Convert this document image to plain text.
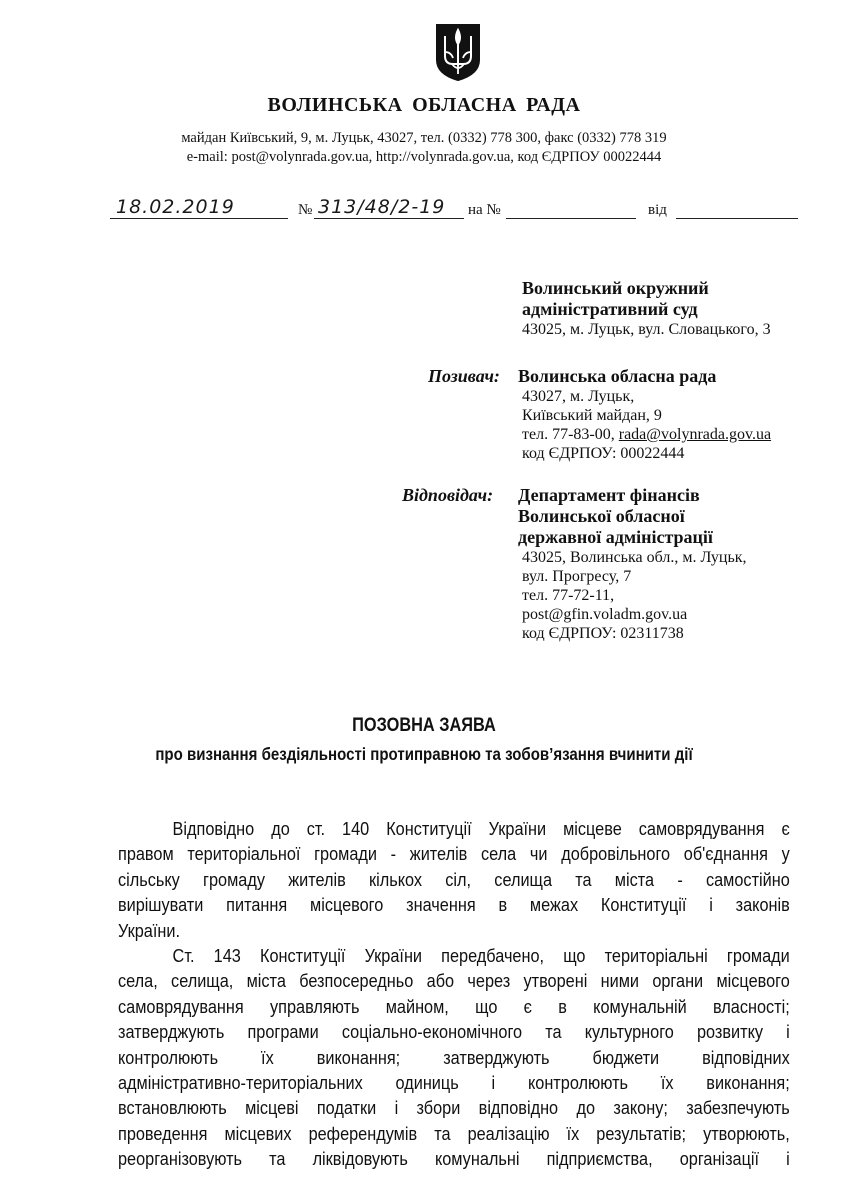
ВОЛИНСЬКА ОБЛАСНА РАДА
майдан Київський, 9, м. Луцьк, 43027, тел. (0332) 778 300, факс (0332) 778 319
e-mail: post@volynrada.gov.ua, http://volynrada.gov.ua, код ЄДРПОУ 00022444
18.02.2019	№ 313/48/2-19 на №	від
Волинський окружний
адміністративний суд
43025, м. Луцьк, вул. Словацького, 3
Позивач: Волинська обласна рада
43027, м. Луцьк,
Київський майдан, 9
тел. 77-83-00, rada@volynrada.gov.ua
код ЄДРПОУ: 00022444
Відповідач: Департамент фінансів
Волинської обласної
державної адміністрації
43025, Волинська обл., м. Луцьк,
вул. Прогресу, 7
тел. 77-72-11,
post@gfin.voladm.gov.ua
код ЄДРПОУ: 02311738
ПОЗОВНА ЗАЯВА
про визнання бездіяльності протиправною та зобов’язання вчинити дії

Відповідно до ст. 140 Конституції України місцеве самоврядування є
правом територіальної громади - жителів села чи добровільного об'єднання у
сільську громаду жителів кількох сіл, селища та міста - самостійно
вирішувати питання місцевого значення в межах Конституції і законів
України.

Ст. 143 Конституції України передбачено, що територіальні громади
села, селища, міста безпосередньо або через утворені ними органи місцевого
самоврядування управляють майном, що є в комунальній власності;
затверджують програми соціально-економічного та культурного розвитку і
контролюють їх виконання; затверджують бюджети відповідних
адміністративно-територіальних одиниць і контролюють їх виконання;
встановлюють місцеві податки і збори відповідно до закону; забезпечують
проведення місцевих референдумів та реалізацію їх результатів; утворюють,
реорганізовують та ліквідовують комунальні підприємства, організації і
